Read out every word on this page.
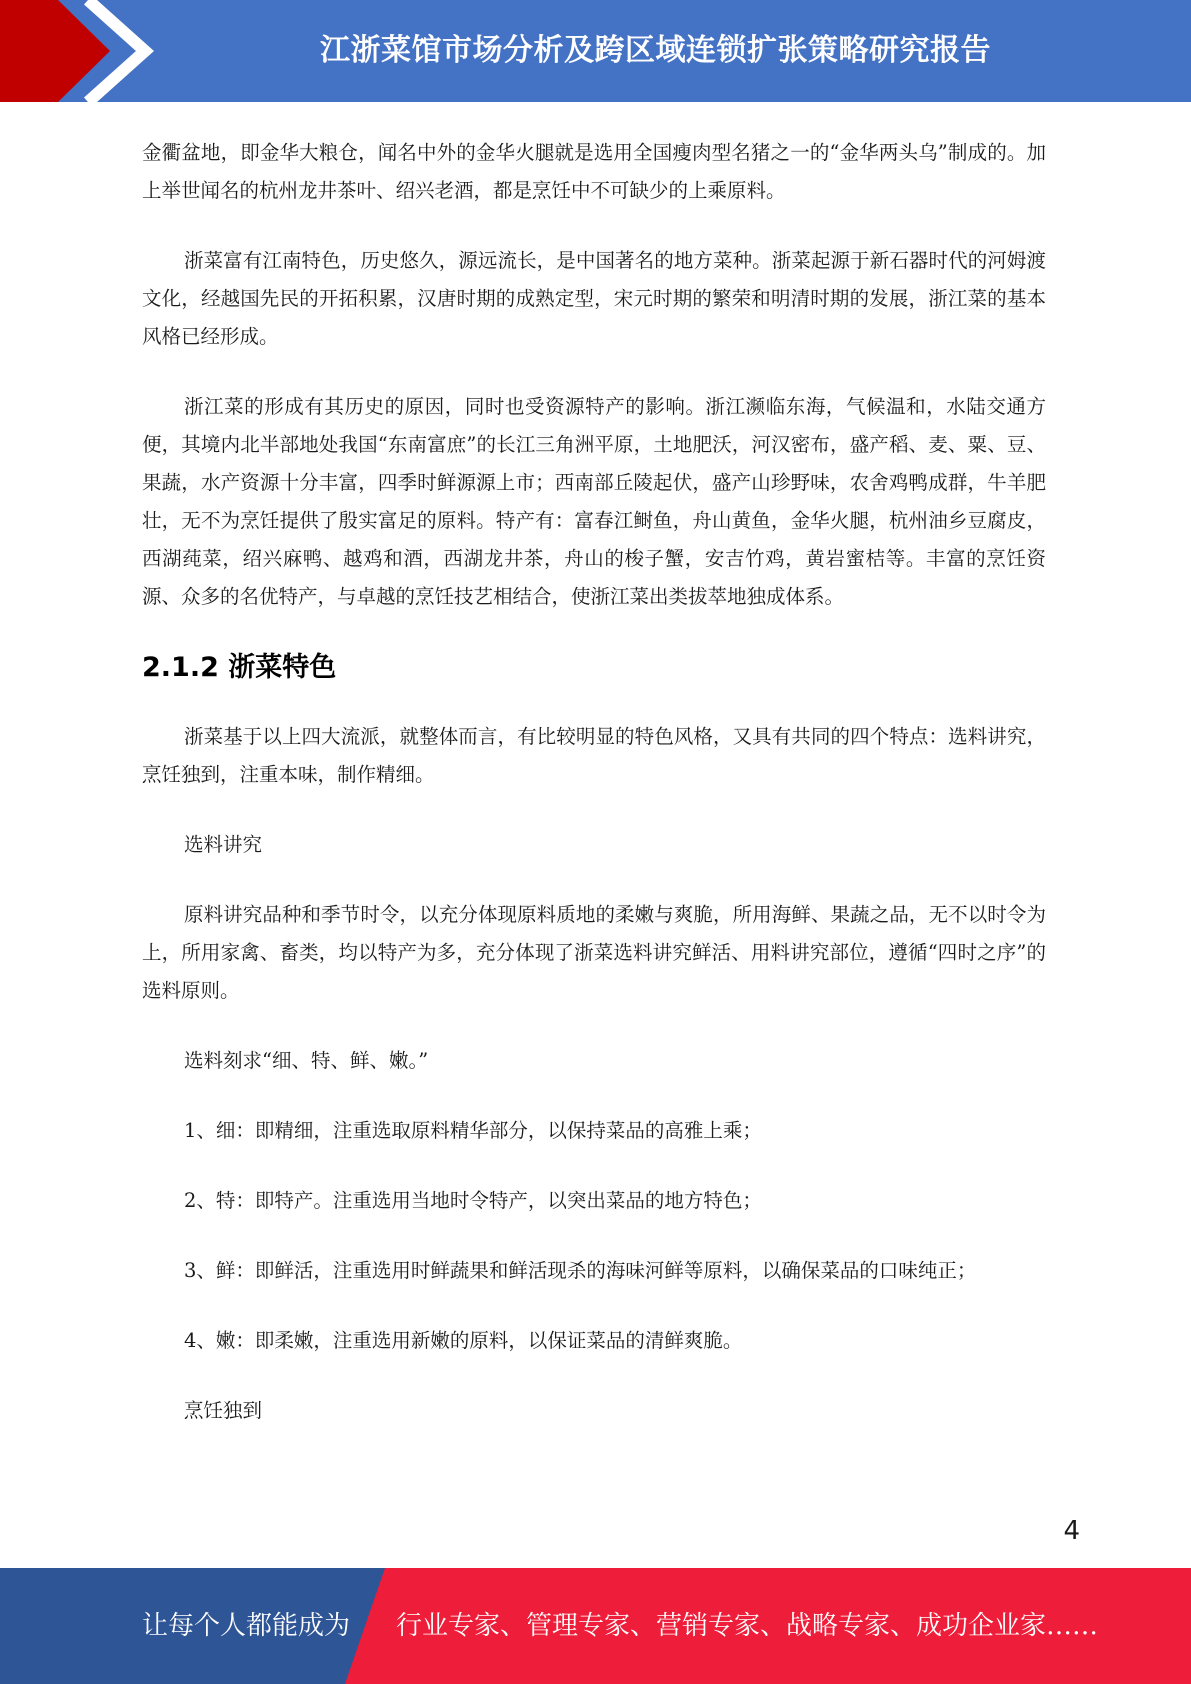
江浙菜馆市场分析及跨区域连锁扩张策略研究报告

金衢盆地，即金华大粮仓，闻名中外的金华火腿就是选用全国瘦肉型名猪之一的“金华两头乌”制成的。加上举世闻名的杭州龙井茶叶、绍兴老酒，都是烹饪中不可缺少的上乘原料。

浙菜富有江南特色，历史悠久，源远流长，是中国著名的地方菜种。浙菜起源于新石器时代的河姆渡文化，经越国先民的开拓积累，汉唐时期的成熟定型，宋元时期的繁荣和明清时期的发展，浙江菜的基本风格已经形成。

浙江菜的形成有其历史的原因，同时也受资源特产的影响。浙江濒临东海，气候温和，水陆交通方便，其境内北半部地处我国“东南富庶”的长江三角洲平原，土地肥沃，河汉密布，盛产稻、麦、粟、豆、果蔬，水产资源十分丰富，四季时鲜源源上市；西南部丘陵起伏，盛产山珍野味，农舍鸡鸭成群，牛羊肥壮，无不为烹饪提供了殷实富足的原料。特产有：富春江鲥鱼，舟山黄鱼，金华火腿，杭州油乡豆腐皮，西湖莼菜，绍兴麻鸭、越鸡和酒，西湖龙井茶，舟山的梭子蟹，安吉竹鸡，黄岩蜜桔等。丰富的烹饪资源、众多的名优特产，与卓越的烹饪技艺相结合，使浙江菜出类拔萃地独成体系。

2.1.2 浙菜特色

浙菜基于以上四大流派，就整体而言，有比较明显的特色风格，又具有共同的四个特点：选料讲究，烹饪独到，注重本味，制作精细。

选料讲究

原料讲究品种和季节时令，以充分体现原料质地的柔嫩与爽脆，所用海鲜、果蔬之品，无不以时令为上，所用家禽、畜类，均以特产为多，充分体现了浙菜选料讲究鲜活、用料讲究部位，遵循“四时之序”的选料原则。

选料刻求“细、特、鲜、嫩。”

1、细：即精细，注重选取原料精华部分，以保持菜品的高雅上乘；

2、特：即特产。注重选用当地时令特产，以突出菜品的地方特色；

3、鲜：即鲜活，注重选用时鲜蔬果和鲜活现杀的海味河鲜等原料，以确保菜品的口味纯正；

4、嫩：即柔嫩，注重选用新嫩的原料，以保证菜品的清鲜爽脆。

烹饪独到

4
让每个人都能成为 行业专家、管理专家、营销专家、战略专家、成功企业家……
